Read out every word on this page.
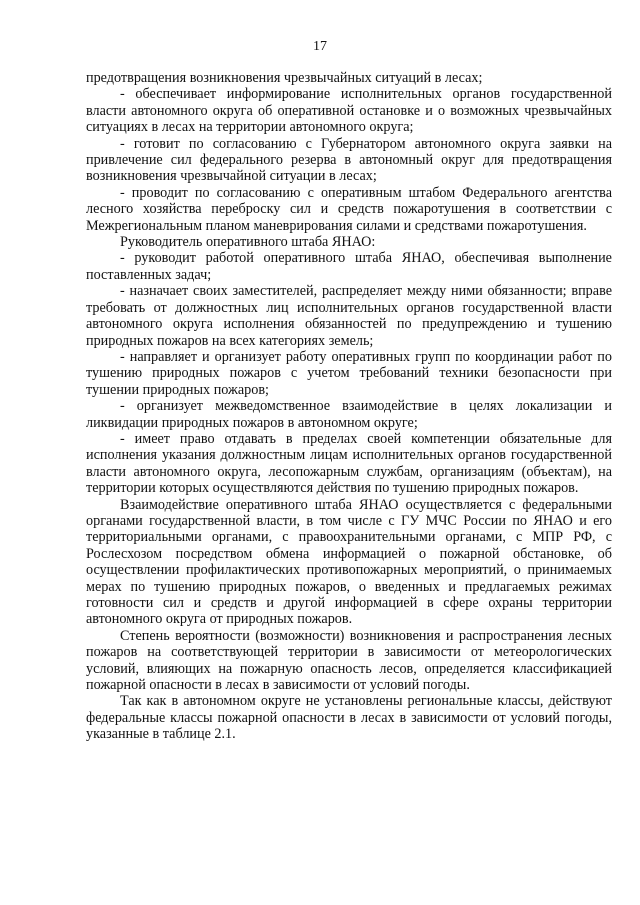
17

предотвращения возникновения чрезвычайных ситуаций в лесах;

- обеспечивает информирование исполнительных органов государственной власти автономного округа об оперативной остановке и о возможных чрезвычайных ситуациях в лесах на территории автономного округа;

- готовит по согласованию с Губернатором автономного округа заявки на привлечение сил федерального резерва в автономный округ для предотвращения возникновения чрезвычайной ситуации в лесах;

- проводит по согласованию с оперативным штабом Федерального агентства лесного хозяйства переброску сил и средств пожаротушения в соответствии с Межрегиональным планом маневрирования силами и средствами пожаротушения.

Руководитель оперативного штаба ЯНАО:

- руководит работой оперативного штаба ЯНАО, обеспечивая выполнение поставленных задач;

- назначает своих заместителей, распределяет между ними обязанности; вправе требовать от должностных лиц исполнительных органов государственной власти автономного округа исполнения обязанностей по предупреждению и тушению природных пожаров на всех категориях земель;

- направляет и организует работу оперативных групп по координации работ по тушению природных пожаров с учетом требований техники безопасности при тушении природных пожаров;

- организует межведомственное взаимодействие в целях локализации и ликвидации природных пожаров в автономном округе;

- имеет право отдавать в пределах своей компетенции обязательные для исполнения указания должностным лицам исполнительных органов государственной власти автономного округа, лесопожарным службам, организациям (объектам), на территории которых осуществляются действия по тушению природных пожаров.

Взаимодействие оперативного штаба ЯНАО осуществляется с федеральными органами государственной власти, в том числе с ГУ МЧС России по ЯНАО и его территориальными органами, с правоохранительными органами, с МПР РФ, с Рослесхозом посредством обмена информацией о пожарной обстановке, об осуществлении профилактических противопожарных мероприятий, о принимаемых мерах по тушению природных пожаров, о введенных и предлагаемых режимах готовности сил и средств и другой информацией в сфере охраны территории автономного округа от природных пожаров.

Степень вероятности (возможности) возникновения и распространения лесных пожаров на соответствующей территории в зависимости от метеорологических условий, влияющих на пожарную опасность лесов, определяется классификацией пожарной опасности в лесах в зависимости от условий погоды.

Так как в автономном округе не установлены региональные классы, действуют федеральные классы пожарной опасности в лесах в зависимости от условий погоды, указанные в таблице 2.1.
